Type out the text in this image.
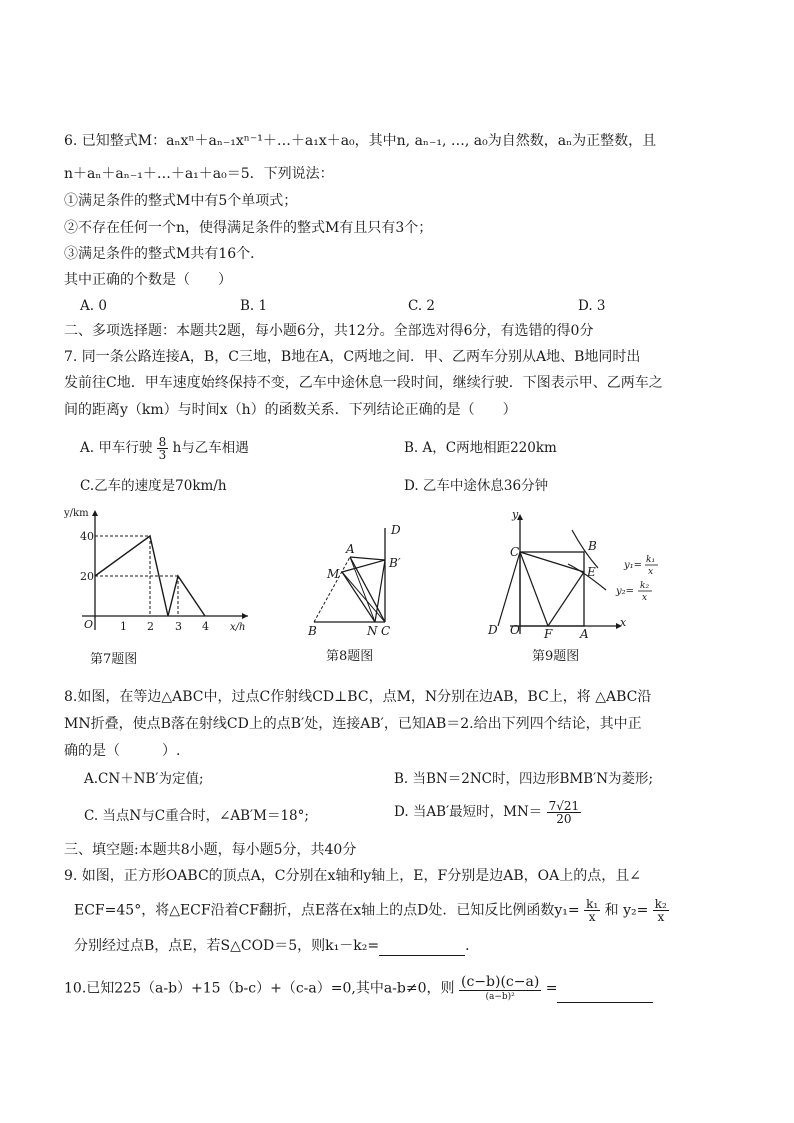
6. 已知整式M：aₙxⁿ＋aₙ₋₁xⁿ⁻¹＋…＋a₁x＋a₀，其中n, aₙ₋₁, …, a₀为自然数，aₙ为正整数，且
n＋aₙ＋aₙ₋₁＋…＋a₁＋a₀＝5．下列说法：
①满足条件的整式M中有5个单项式；
②不存在任何一个n，使得满足条件的整式M有且只有3个；
③满足条件的整式M共有16个．
其中正确的个数是（　　）
A. 0	B. 1	C. 2	D. 3
二、多项选择题：本题共2题，每小题6分，共12分。全部选对得6分，有选错的得0分
7. 同一条公路连接A，B，C三地，B地在A，C两地之间．甲、乙两车分别从A地、B地同时出
发前往C地．甲车速度始终保持不变，乙车中途休息一段时间，继续行驶．下图表示甲、乙两车之
间的距离y（km）与时间x（h）的函数关系．下列结论正确的是（　　）
A. 甲车行驶 $\frac{8}{3}$ h与乙车相遇	B. A，C两地相距220km
C.乙车的速度是70km/h	D. 乙车中途休息36分钟
y/km
x/h
O
40
20
1 2 3 4
第7题图
A
D
B′
M
B	N C
第8题图
y
x
C	B
E
D O F A
y₁= k₁
x
y₂= k₂
x
第9题图
8.如图，在等边△ABC中，过点C作射线CD⊥BC，点M，N分别在边AB，BC上，将 △ABC沿
MN折叠，使点B落在射线CD上的点B′处，连接AB′，已知AB＝2.给出下列四个结论，其中正
确的是（　　　）.
A.CN＋NB′为定值;	B. 当BN＝2NC时，四边形BMB′N为菱形;
C. 当点N与C重合时，∠AB′M＝18°;	D. 当AB′最短时，$MN= \frac{7√21}{20}$
三、填空题:本题共8小题，每小题5分，共40分
9. 如图，正方形OABC的顶点A，C分别在x轴和y轴上，E，F分别是边AB，OA上的点，且∠
ECF=45°，将△ECF沿着CF翻折，点E落在x轴上的点D处．已知反比例函数$y_1= \frac{\text{k₁}}{x}$ 和 $y_2= \frac{\text{k₂}}{x}$
分别经过点B，点E，若S△COD＝5，则k₁－k₂=	．
10.已知225（a-b）+15（b-c）+（c-a）=0,其中a-b≠0，则 $\frac{(c-b)(c-a)}{\text{(a−b)²}}$ =
